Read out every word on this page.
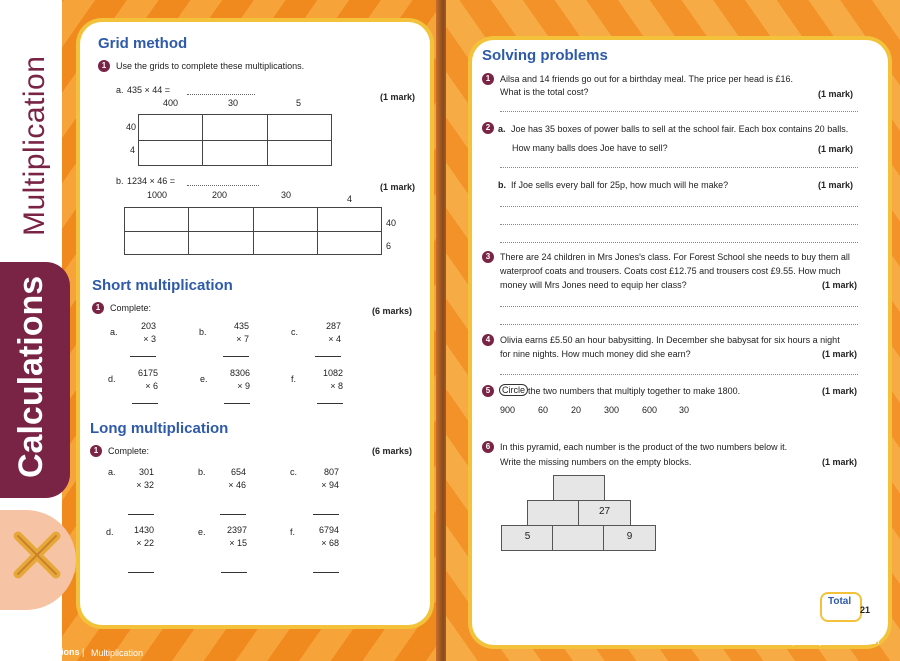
Multiplication
Calculations
Grid method
1	Use the grids to complete these multiplications.
a. 435 × 44 =
(1 mark)
400	30	5
40
4

b. 1234 × 46 =
(1 mark)
1000	200	30	4
40
6

Short multiplication
1	Complete:	(6 marks)
a.
203
× 3
b.
435
× 7
c.
287
× 4
d.
6175
× 6
e.
8306
× 9
f.
1082
× 8
Long multiplication
1	Complete:	(6 marks)
a.	301
× 32
b.	654
× 46
c.	807
× 94
d.	1430
× 22
e.	2397
× 15
f.	6794
× 68
Calculations | Multiplication
Solving problems
1	Ailsa and 14 friends go out for a birthday meal. The price per head is £16.
What is the total cost?	(1 mark)
2 a. Joe has 35 boxes of power balls to sell at the school fair. Each box contains 20 balls.
How many balls does Joe have to sell?	(1 mark)
b. If Joe sells every ball for 25p, how much will he make?	(1 mark)
3	There are 24 children in Mrs Jones's class. For Forest School she needs to buy them all
waterproof coats and trousers. Coats cost £12.75 and trousers cost £9.55. How much
money will Mrs Jones need to equip her class?	(1 mark)
4	Olivia earns £5.50 an hour babysitting. In December she babysat for six hours a night
for nine nights. How much money did she earn?	(1 mark)
5	Circle the two numbers that multiply together to make 1800.	(1 mark)
900	60	20	300	600 30
6	In this pyramid, each number is the product of the two numbers below it.
Write the missing numbers on the empty blocks.	(1 mark)
27
5	9
Total
21
Calculations | Multiplication 17
